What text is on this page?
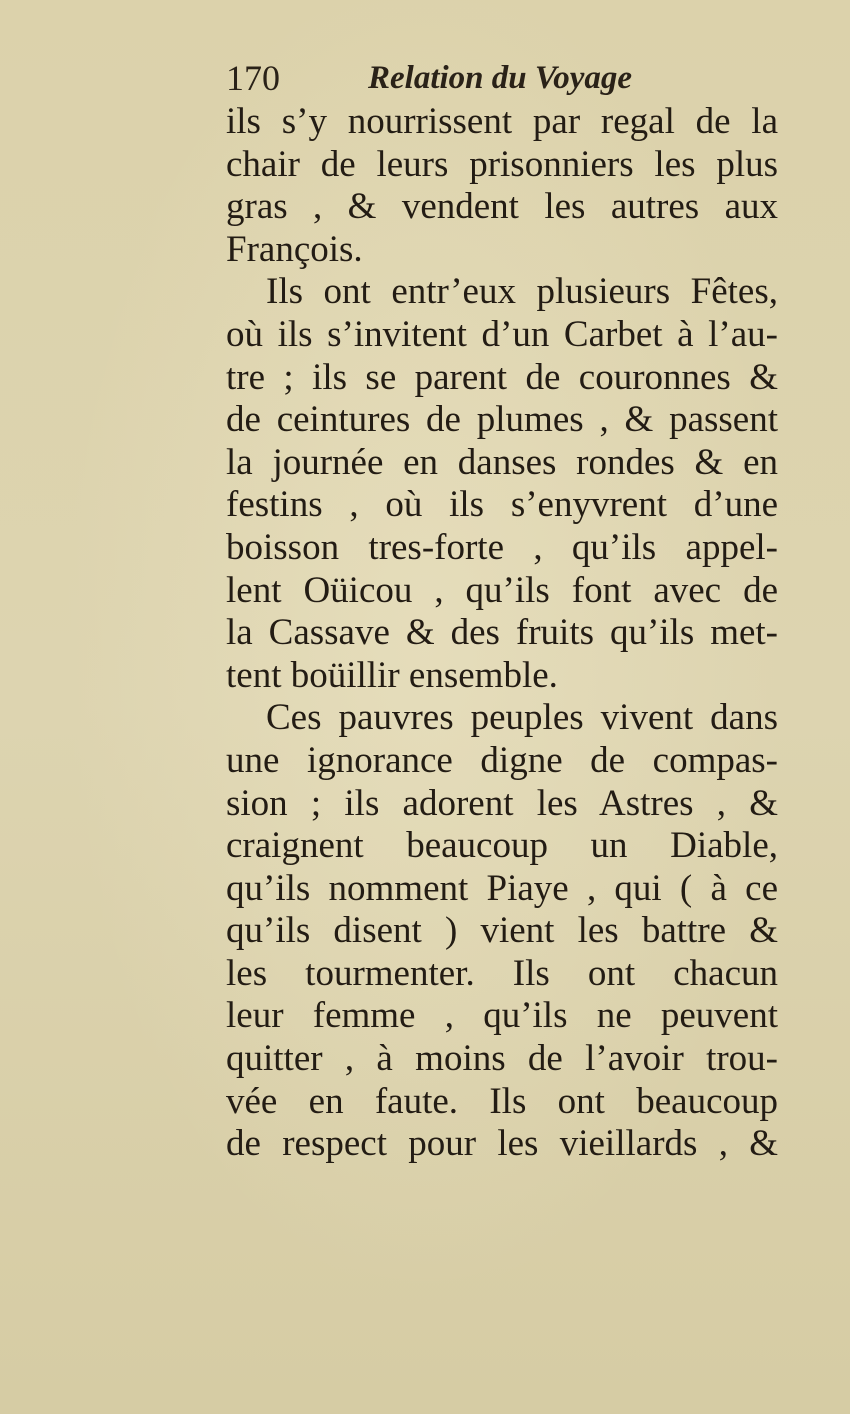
170	Relation du Voyage
ils s’y nourrissent par regal de la
chair de leurs prisonniers les plus
gras , & vendent les autres aux
François.
Ils ont entr’eux plusieurs Fêtes,
où ils s’invitent d’un Carbet à l’au-
tre ; ils se parent de couronnes &
de ceintures de plumes , & passent
la journée en danses rondes & en
festins , où ils s’enyvrent d’une
boisson tres-forte , qu’ils appel-
lent Oüicou , qu’ils font avec de
la Cassave & des fruits qu’ils met-
tent boüillir ensemble.
Ces pauvres peuples vivent dans
une ignorance digne de compas-
sion ; ils adorent les Astres , &
craignent beaucoup un Diable,
qu’ils nomment Piaye , qui ( à ce
qu’ils disent ) vient les battre &
les tourmenter. Ils ont chacun
leur femme , qu’ils ne peuvent
quitter , à moins de l’avoir trou-
vée en faute. Ils ont beaucoup
de respect pour les vieillards , &
